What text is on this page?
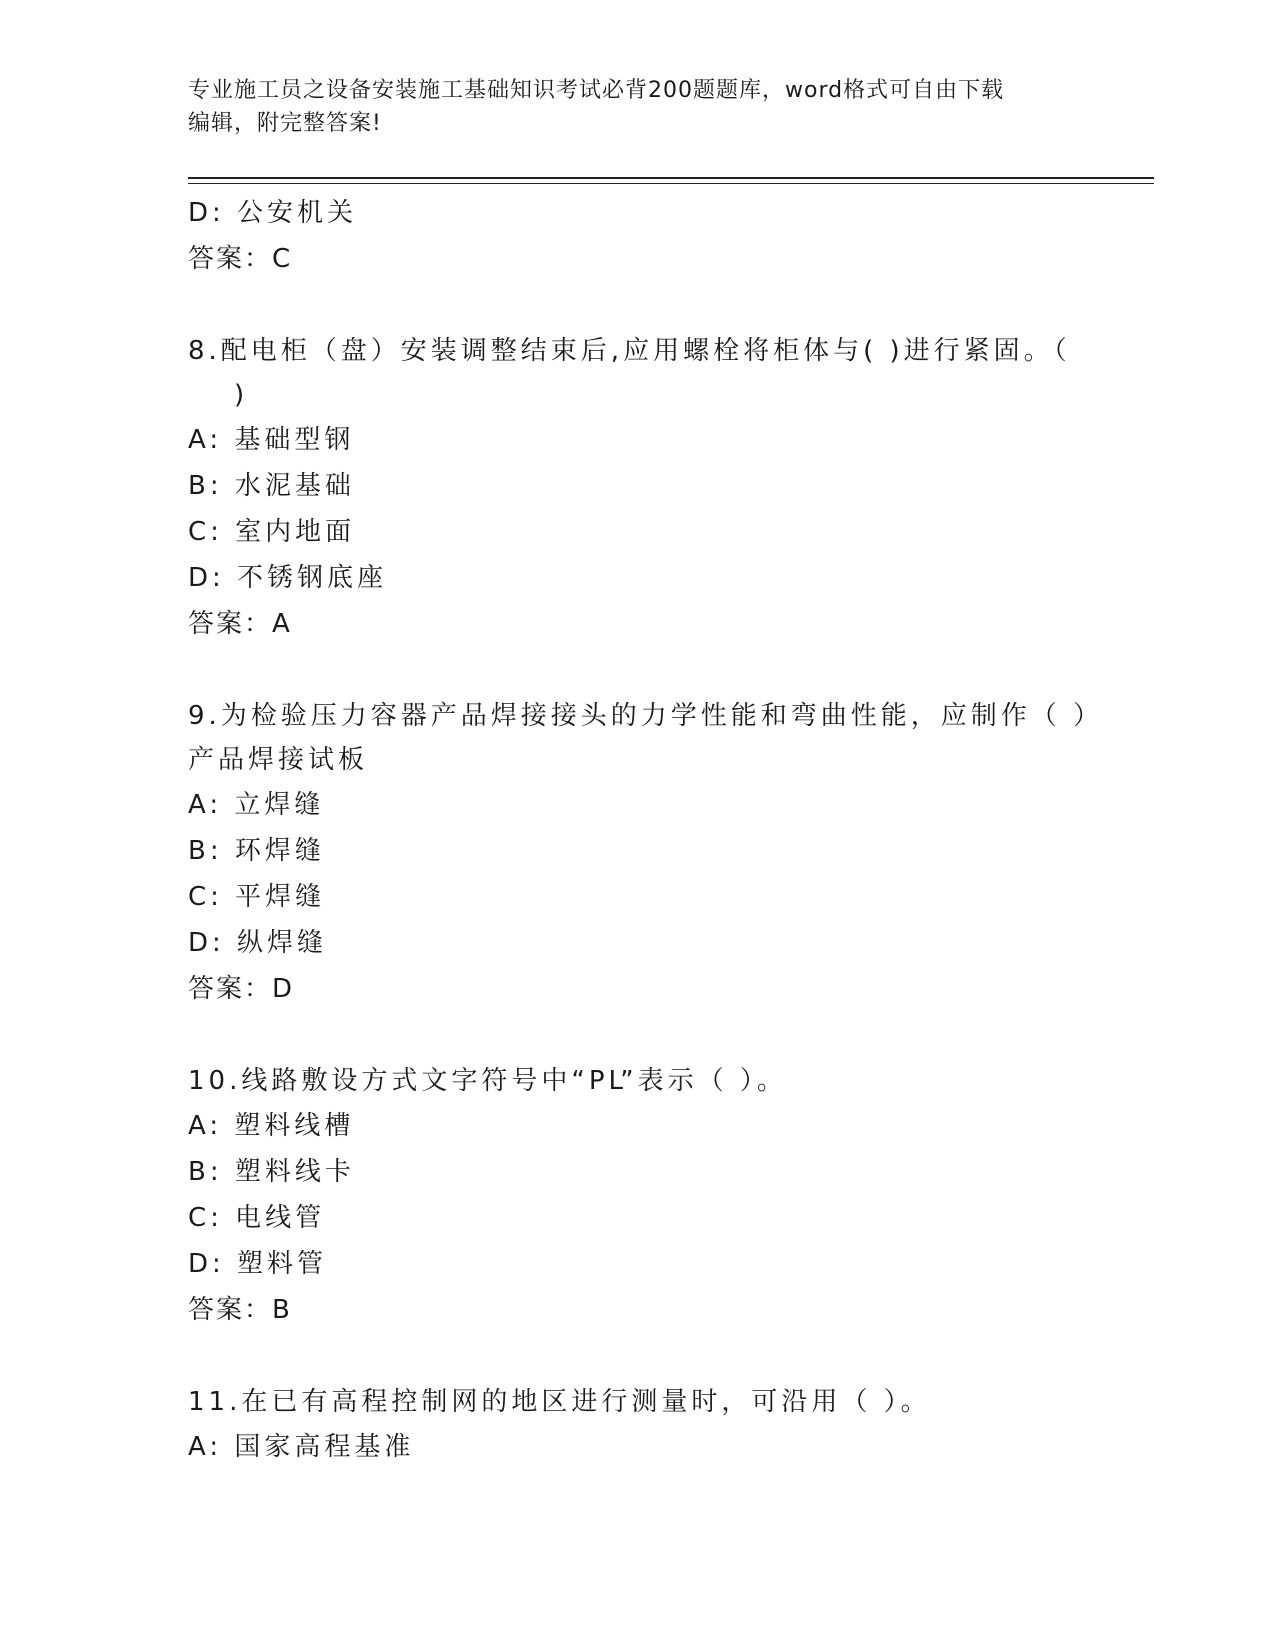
专业施工员之设备安装施工基础知识考试必背200题题库，word格式可自由下载
编辑，附完整答案!
D: 公安机关
答案：C
8.配电柜（盘）安装调整结束后,应用螺栓将柜体与( )进行紧固。（
)
A: 基础型钢
B: 水泥基础
C: 室内地面
D: 不锈钢底座
答案：A
9.为检验压力容器产品焊接接头的力学性能和弯曲性能，应制作（ ）
产品焊接试板
A: 立焊缝
B: 环焊缝
C: 平焊缝
D: 纵焊缝
答案：D
10.线路敷设方式文字符号中“PL”表示（ ）。
A: 塑料线槽
B: 塑料线卡
C: 电线管
D: 塑料管
答案：B
11.在已有高程控制网的地区进行测量时，可沿用（ ）。
A: 国家高程基准
